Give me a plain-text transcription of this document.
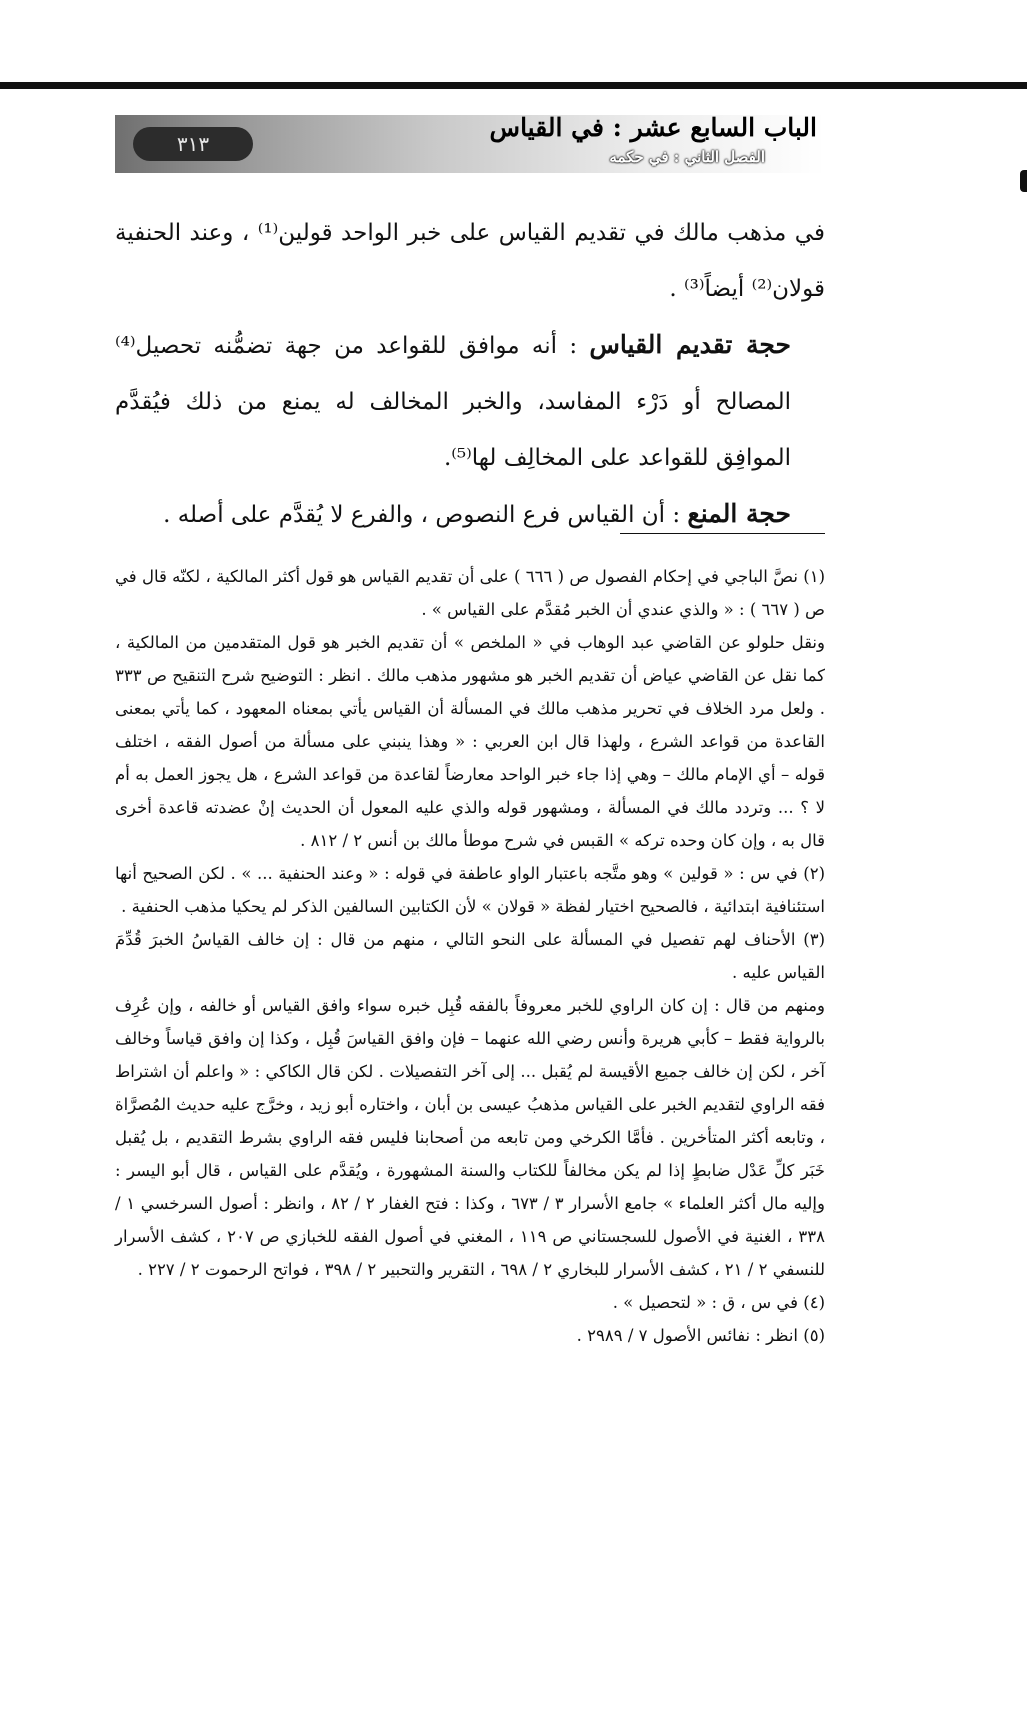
الباب السابع عشر : في القياس
الفصل الثاني : في حكمه
٣١٣

في مذهب مالك في تقديم القياس على خبر الواحد قولين⁽¹⁾ ، وعند الحنفية قولان⁽²⁾ أيضاً⁽³⁾ .

حجة تقديم القياس : أنه موافق للقواعد من جهة تضمُّنه تحصيل⁽⁴⁾ المصالح أو دَرْء المفاسد، والخبر المخالف له يمنع من ذلك فيُقدَّم الموافِق للقواعد على المخالِف لها⁽⁵⁾.

حجة المنع : أن القياس فرع النصوص ، والفرع لا يُقدَّم على أصله .

(١) نصَّ الباجي في إحكام الفصول ص ( ٦٦٦ ) على أن تقديم القياس هو قول أكثر المالكية ، لكنّه قال في ص ( ٦٦٧ ) : « والذي عندي أن الخبر مُقدَّم على القياس » .

ونقل حلولو عن القاضي عبد الوهاب في « الملخص » أن تقديم الخبر هو قول المتقدمين من المالكية ، كما نقل عن القاضي عياض أن تقديم الخبر هو مشهور مذهب مالك . انظر : التوضيح شرح التنقيح ص ٣٣٣ . ولعل مرد الخلاف في تحرير مذهب مالك في المسألة أن القياس يأتي بمعناه المعهود ، كما يأتي بمعنى القاعدة من قواعد الشرع ، ولهذا قال ابن العربي : « وهذا ينبني على مسألة من أصول الفقه ، اختلف قوله – أي الإمام مالك – وهي إذا جاء خبر الواحد معارضاً لقاعدة من قواعد الشرع ، هل يجوز العمل به أم لا ؟ ... وتردد مالك في المسألة ، ومشهور قوله والذي عليه المعول أن الحديث إنْ عضدته قاعدة أخرى قال به ، وإن كان وحده تركه » القبس في شرح موطأ مالك بن أنس ٢ / ٨١٢ .

(٢) في س : « قولين » وهو متَّجه باعتبار الواو عاطفة في قوله : « وعند الحنفية ... » . لكن الصحيح أنها استئنافية ابتدائية ، فالصحيح اختيار لفظة « قولان » لأن الكتابين السالفين الذكر لم يحكيا مذهب الحنفية .

(٣) الأحناف لهم تفصيل في المسألة على النحو التالي ، منهم من قال : إن خالف القياسُ الخبرَ قُدِّمَ القياس عليه .

ومنهم من قال : إن كان الراوي للخبر معروفاً بالفقه قُبِل خبره سواء وافق القياس أو خالفه ، وإن عُرِف بالرواية فقط – كأبي هريرة وأنس رضي الله عنهما – فإن وافق القياسَ قُبِل ، وكذا إن وافق قياساً وخالف آخر ، لكن إن خالف جميع الأقيسة لم يُقبل ... إلى آخر التفصيلات . لكن قال الكاكي : « واعلم أن اشتراط فقه الراوي لتقديم الخبر على القياس مذهبُ عيسى بن أبان ، واختاره أبو زيد ، وخرَّج عليه حديث المُصرَّاة ، وتابعه أكثر المتأخرين . فأمَّا الكرخي ومن تابعه من أصحابنا فليس فقه الراوي بشرط التقديم ، بل يُقبل خَبَر كلِّ عَدْل ضابطٍ إذا لم يكن مخالفاً للكتاب والسنة المشهورة ، ويُقدَّم على القياس ، قال أبو اليسر : وإليه مال أكثر العلماء » جامع الأسرار ٣ / ٦٧٣ ، وكذا : فتح الغفار ٢ / ٨٢ ، وانظر : أصول السرخسي ١ / ٣٣٨ ، الغنية في الأصول للسجستاني ص ١١٩ ، المغني في أصول الفقه للخبازي ص ٢٠٧ ، كشف الأسرار للنسفي ٢ / ٢١ ، كشف الأسرار للبخاري ٢ / ٦٩٨ ، التقرير والتحبير ٢ / ٣٩٨ ، فواتح الرحموت ٢ / ٢٢٧ .

(٤) في س ، ق : « لتحصيل » .

(٥) انظر : نفائس الأصول ٧ / ٢٩٨٩ .
